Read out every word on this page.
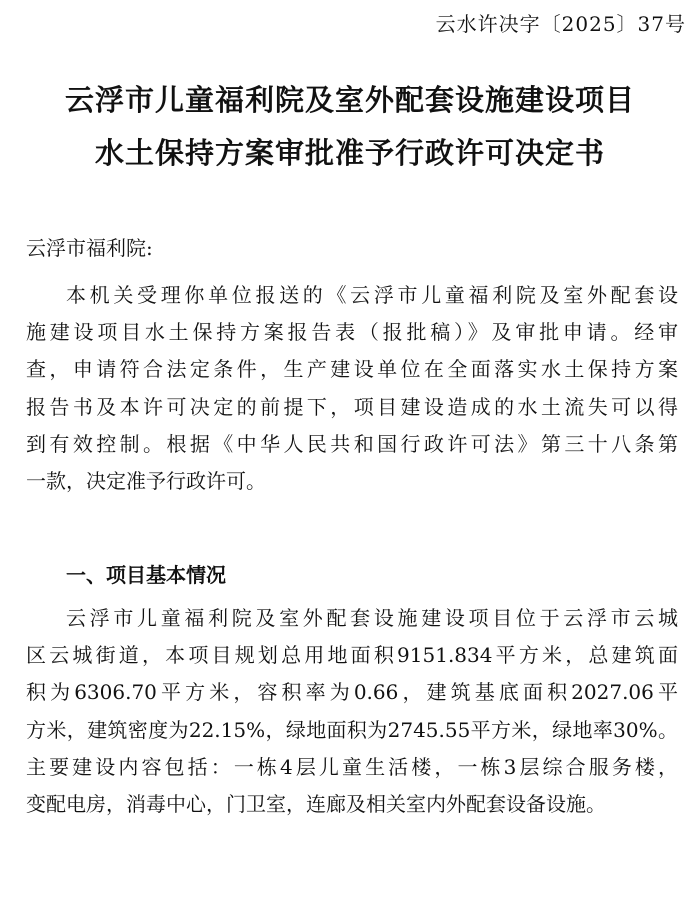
云水许决字〔2025〕37号
云浮市儿童福利院及室外配套设施建设项目
水土保持方案审批准予行政许可决定书
云浮市福利院:
本机关受理你单位报送的《云浮市儿童福利院及室外配套设
施建设项目水土保持方案报告表（报批稿）》及审批申请。经审
查，申请符合法定条件，生产建设单位在全面落实水土保持方案
报告书及本许可决定的前提下，项目建设造成的水土流失可以得
到有效控制。根据《中华人民共和国行政许可法》第三十八条第
一款，决定准予行政许可。
一、项目基本情况
云浮市儿童福利院及室外配套设施建设项目位于云浮市云城
区云城街道，本项目规划总用地面积9151.834平方米，总建筑面
积为6306.70平方米，容积率为0.66，建筑基底面积2027.06平
方米，建筑密度为22.15%，绿地面积为2745.55平方米，绿地率30%。
主要建设内容包括：一栋4层儿童生活楼，一栋3层综合服务楼，
变配电房，消毒中心，门卫室，连廊及相关室内外配套设备设施。
